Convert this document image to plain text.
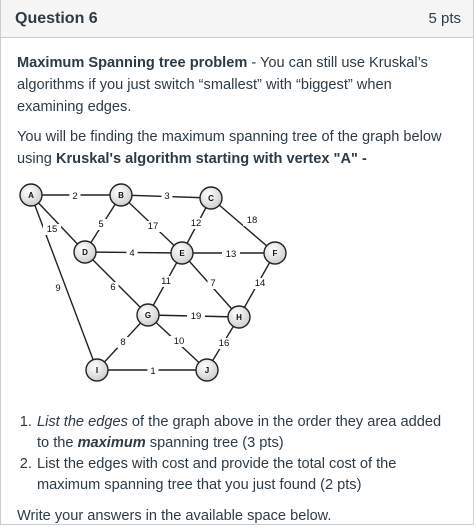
Question 6	5 pts

Maximum Spanning tree problem - You can still use Kruskal’s algorithms if you just switch “smallest” with “biggest” when examining edges.

You will be finding the maximum spanning tree of the graph below using Kruskal's algorithm starting with vertex "A" -

2	3
15	5	17	12	18
4	13
9	6
11	7	14
19
8	10	16
1
A	B	C
D	E	F
G	H
I	J
1. List the edges of the graph above in the order they area added to the maximum spanning tree (3 pts)
2. List the edges with cost and provide the total cost of the maximum spanning tree that you just found (2 pts)

Write your answers in the available space below.
